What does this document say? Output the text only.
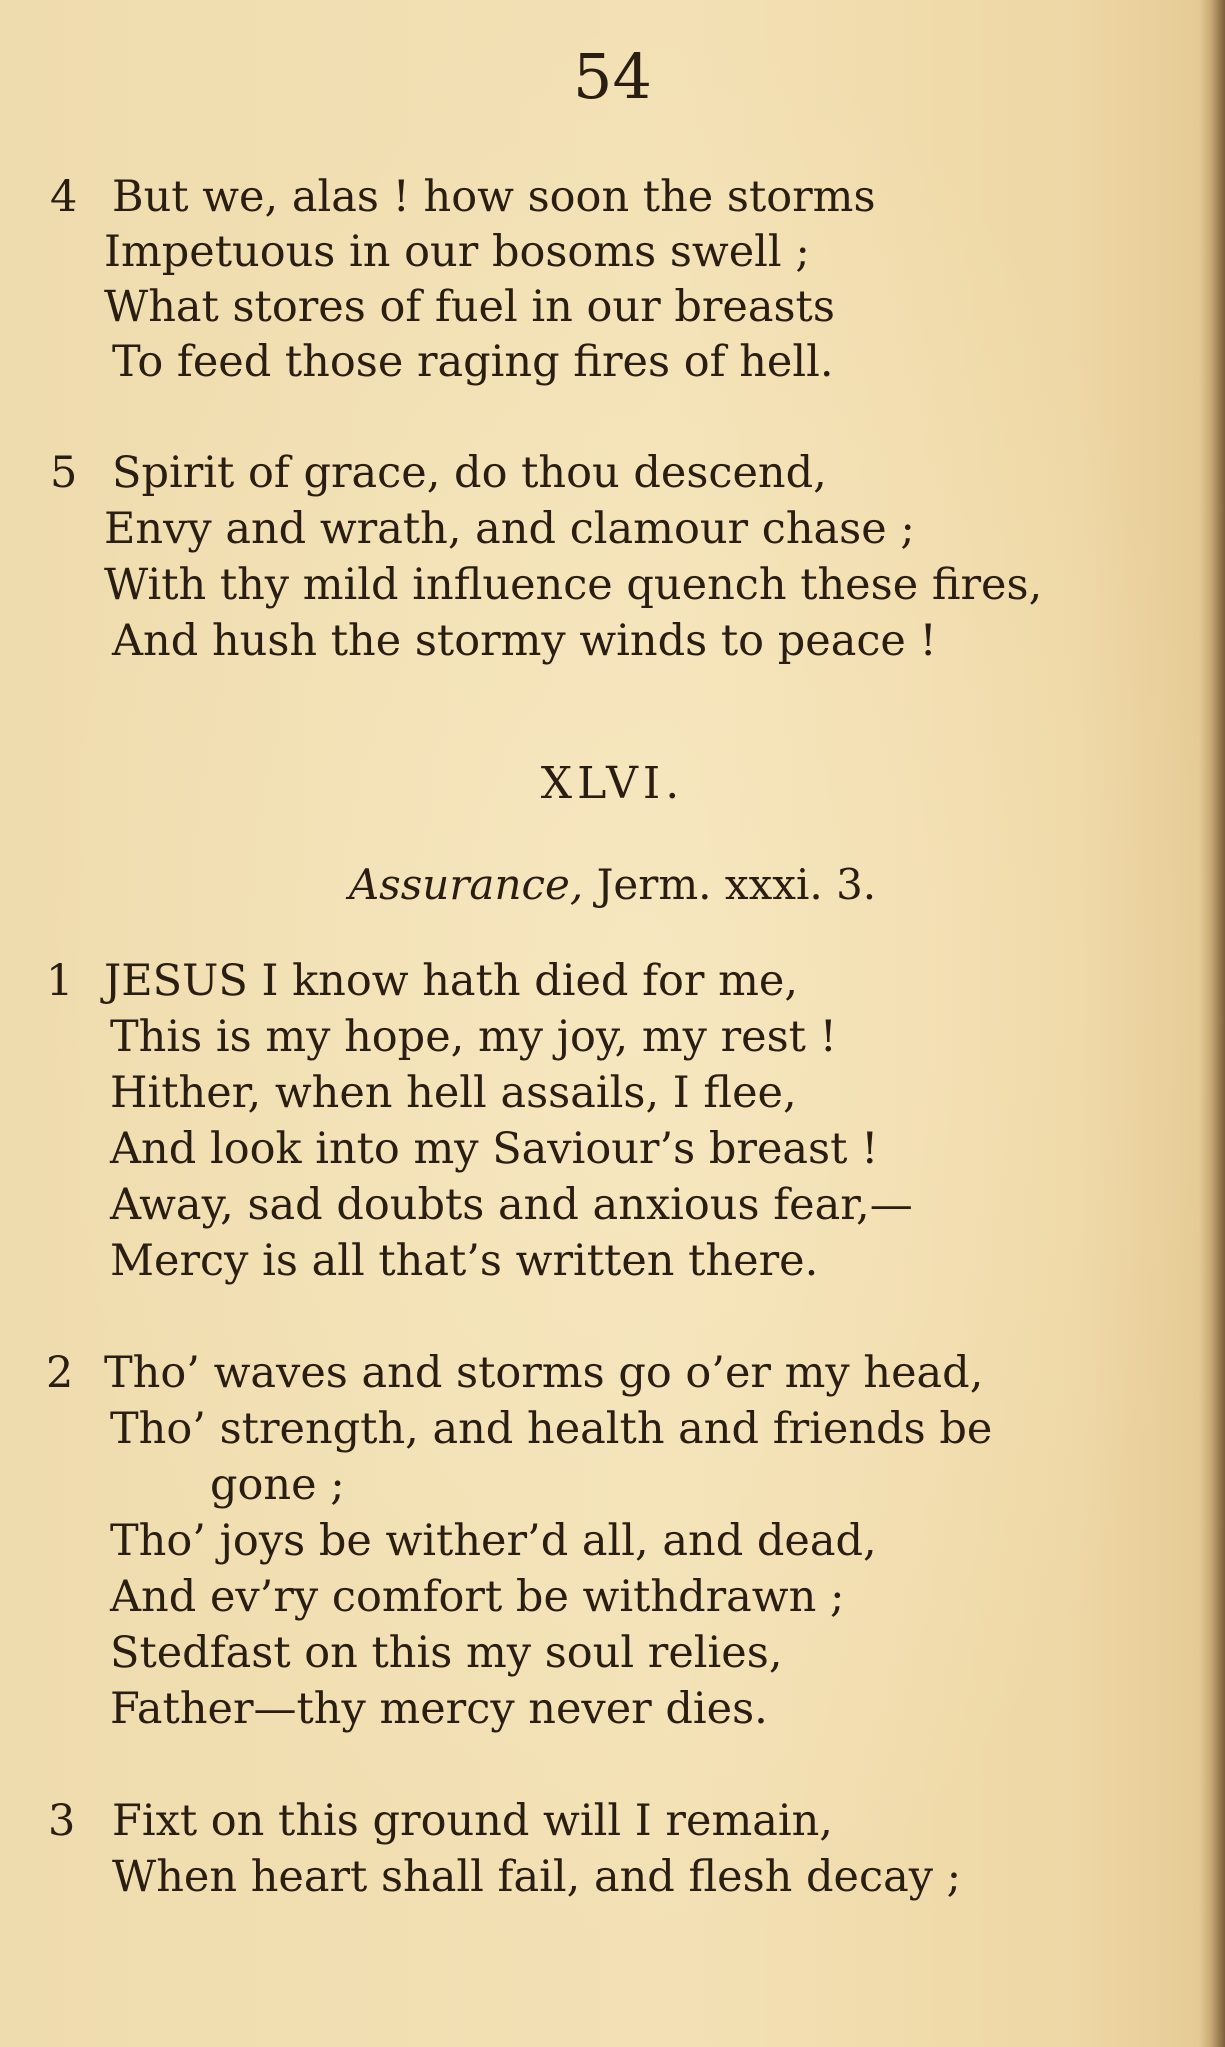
54
4 But we, alas ! how soon the storms
Impetuous in our bosoms swell ;
What stores of fuel in our breasts
To feed those raging fires of hell.
5 Spirit of grace, do thou descend,
Envy and wrath, and clamour chase ;
With thy mild influence quench these fires,
And hush the stormy winds to peace !
XLVI.
Assurance, Jerm. xxxi. 3.
1 JESUS I know hath died for me,
This is my hope, my joy, my rest !
Hither, when hell assails, I flee,
And look into my Saviour’s breast !
Away, sad doubts and anxious fear,—
Mercy is all that’s written there.
2 Tho’ waves and storms go o’er my head,
Tho’ strength, and health and friends be
gone ;
Tho’ joys be wither’d all, and dead,
And ev’ry comfort be withdrawn ;
Stedfast on this my soul relies,
Father—thy mercy never dies.
3 Fixt on this ground will I remain,
When heart shall fail, and flesh decay ;
